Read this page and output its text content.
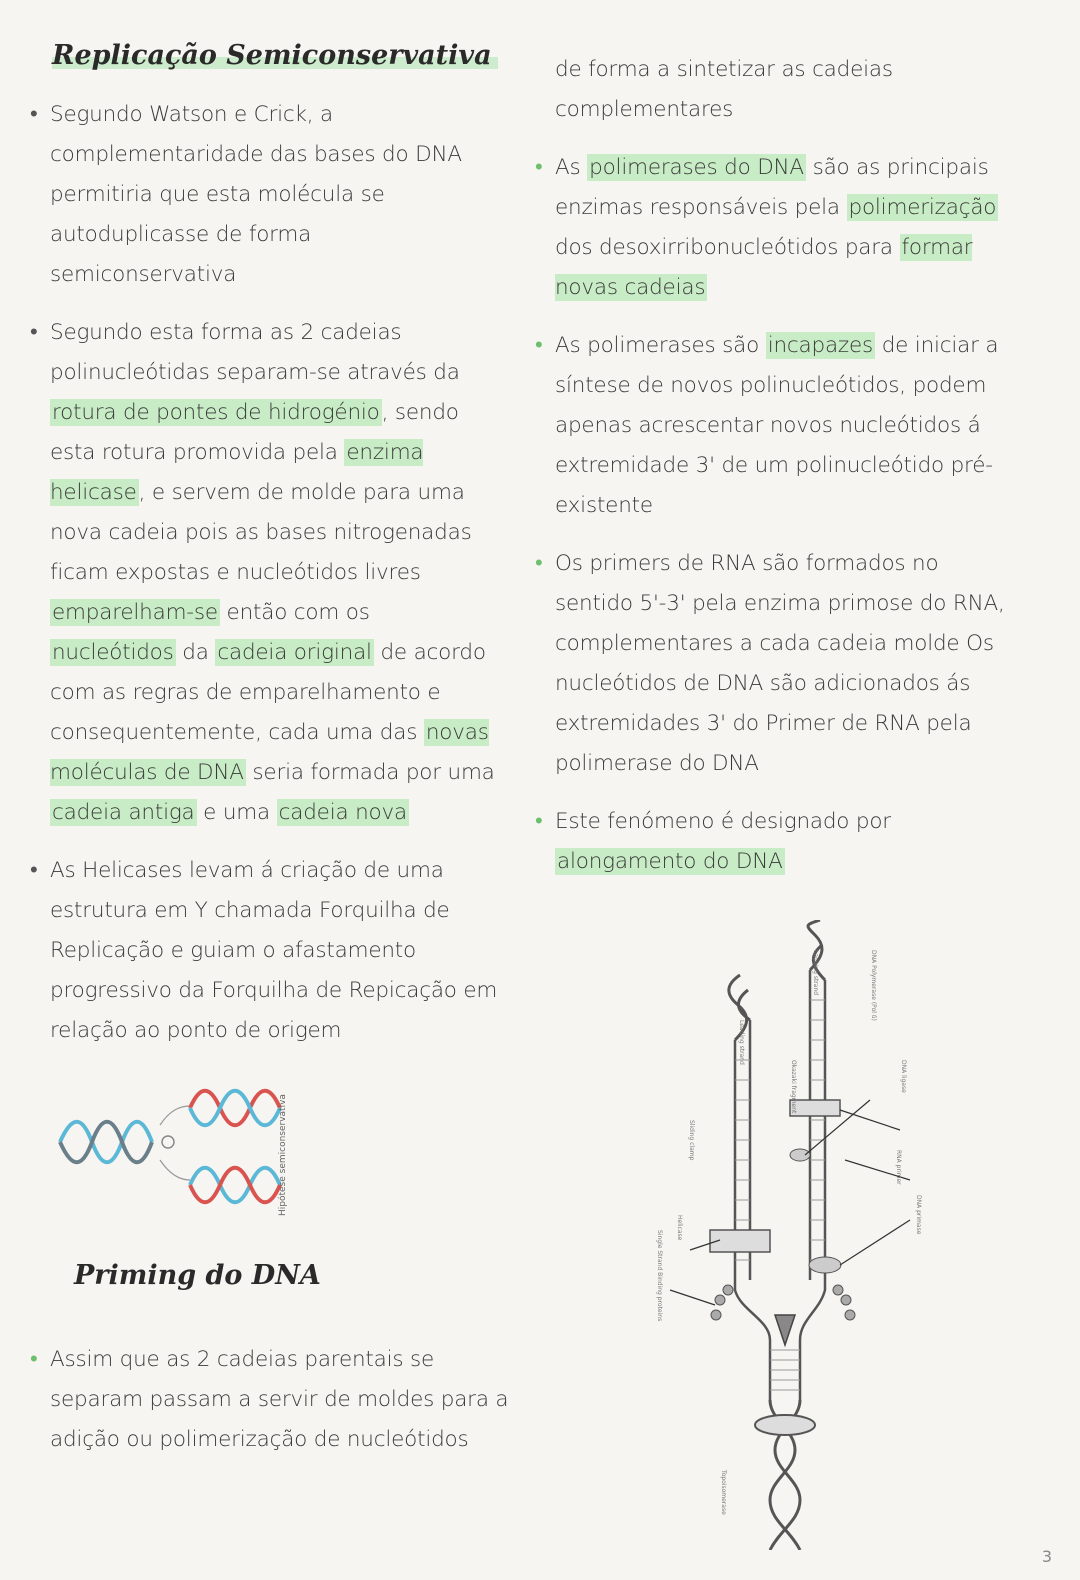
Replicação Semiconservativa
• Segundo Watson e Crick, a complementaridade das bases do DNA permitiria que esta molécula se autoduplicasse de forma semiconservativa
• Segundo esta forma as 2 cadeias polinucleótidas separam-se através da rotura de pontes de hidrogénio, sendo esta rotura promovida pela enzima helicase, e servem de molde para uma nova cadeia pois as bases nitrogenadas ficam expostas e nucleótidos livres emparelham-se então com os nucleótidos da cadeia original de acordo com as regras de emparelhamento e consequentemente, cada uma das novas moléculas de DNA seria formada por uma cadeia antiga e uma cadeia nova
• As Helicases levam á criação de uma estrutura em Y chamada Forquilha de Replicação e guiam o afastamento progressivo da Forquilha de Repicação em relação ao ponto de origem
Hipótese semiconservativa
Priming do DNA
• Assim que as 2 cadeias parentais se separam passam a servir de moldes para a adição ou polimerização de nucleótidos
de forma a sintetizar as cadeias complementares
• As polimerases do DNA são as principais enzimas responsáveis pela polimerização dos desoxirribonucleótidos para formar novas cadeias
• As polimerases são incapazes de iniciar a síntese de novos polinucleótidos, podem apenas acrescentar novos nucleótidos á extremidade 3' de um polinucleótido pré-existente
• Os primers de RNA são formados no sentido 5'-3' pela enzima primose do RNA, complementares a cada cadeia molde Os nucleótidos de DNA são adicionados ás extremidades 3' do Primer de RNA pela polimerase do DNA
• Este fenómeno é designado por alongamento do DNA
Lagging strand
Leading strand
Okazaki fragment
DNA Polymerase (Pol δ)
DNA ligase
RNA primer
DNA primase
Sliding clamp
Helicase
Single Strand Binding proteins
Topoisomerase
3
